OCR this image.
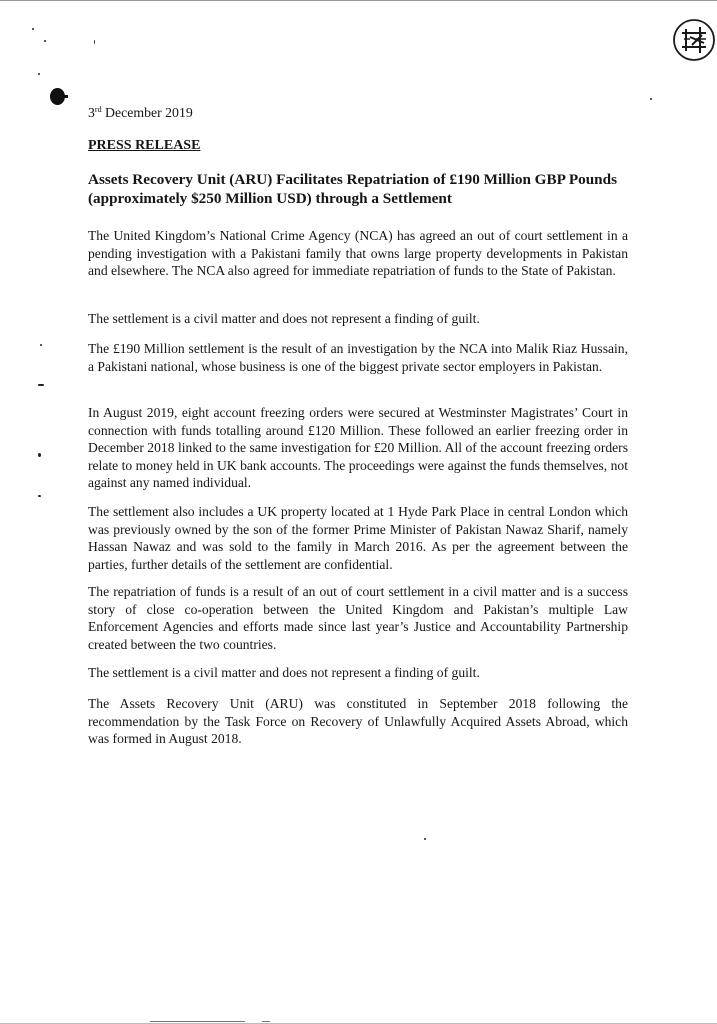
3rd December 2019
PRESS RELEASE
Assets Recovery Unit (ARU) Facilitates Repatriation of £190 Million GBP Pounds (approximately $250 Million USD) through a Settlement

The United Kingdom’s National Crime Agency (NCA) has agreed an out of court settlement in a pending investigation with a Pakistani family that owns large property developments in Pakistan and elsewhere. The NCA also agreed for immediate repatriation of funds to the State of Pakistan.

The settlement is a civil matter and does not represent a finding of guilt.

The £190 Million settlement is the result of an investigation by the NCA into Malik Riaz Hussain, a Pakistani national, whose business is one of the biggest private sector employers in Pakistan.

In August 2019, eight account freezing orders were secured at Westminster Magistrates’ Court in connection with funds totalling around £120 Million. These followed an earlier freezing order in December 2018 linked to the same investigation for £20 Million. All of the account freezing orders relate to money held in UK bank accounts. The proceedings were against the funds themselves, not against any named individual.

The settlement also includes a UK property located at 1 Hyde Park Place in central London which was previously owned by the son of the former Prime Minister of Pakistan Nawaz Sharif, namely Hassan Nawaz and was sold to the family in March 2016. As per the agreement between the parties, further details of the settlement are confidential.

The repatriation of funds is a result of an out of court settlement in a civil matter and is a success story of close co-operation between the United Kingdom and Pakistan’s multiple Law Enforcement Agencies and efforts made since last year’s Justice and Accountability Partnership created between the two countries.

The settlement is a civil matter and does not represent a finding of guilt.

The Assets Recovery Unit (ARU) was constituted in September 2018 following the recommendation by the Task Force on Recovery of Unlawfully Acquired Assets Abroad, which was formed in August 2018.
